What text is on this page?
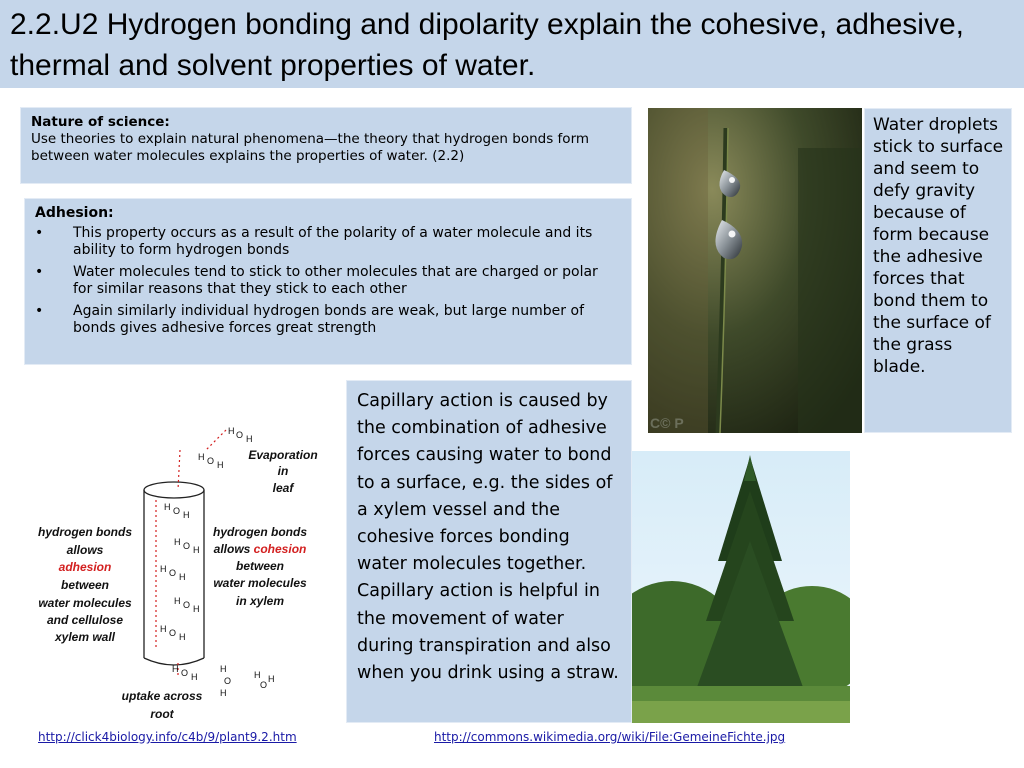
2.2.U2 Hydrogen bonding and dipolarity explain the cohesive, adhesive, thermal and solvent properties of water.
Nature of science:
Use theories to explain natural phenomena—the theory that hydrogen bonds form between water molecules explains the properties of water. (2.2)
Adhesion:
• This property occurs as a result of the polarity of a water molecule and its ability to form hydrogen bonds
• Water molecules tend to stick to other molecules that are charged or polar for similar reasons that they stick to each other
• Again similarly individual hydrogen bonds are weak, but large number of bonds gives adhesive forces great strength
C© P
Water droplets stick to surface and seem to defy gravity because of form because the adhesive forces that bond them to the surface of the grass blade.
H O H
H O H
H O H
H O H
H O H
H O H
H O H
H O H
H
O
H
H
O
H
Evaporation
in
leaf
hydrogen bonds
allows
adhesion
between
water molecules
and cellulose
xylem wall
hydrogen bonds
allows cohesion
between
water molecules
in xylem
uptake across
root
Capillary action is caused by the combination of adhesive forces causing water to bond to a surface, e.g. the sides of a xylem vessel and the cohesive forces bonding water molecules together. Capillary action is helpful in the movement of water during transpiration and also when you drink using a straw.
http://click4biology.info/c4b/9/plant9.2.htm	http://commons.wikimedia.org/wiki/File:GemeineFichte.jpg
